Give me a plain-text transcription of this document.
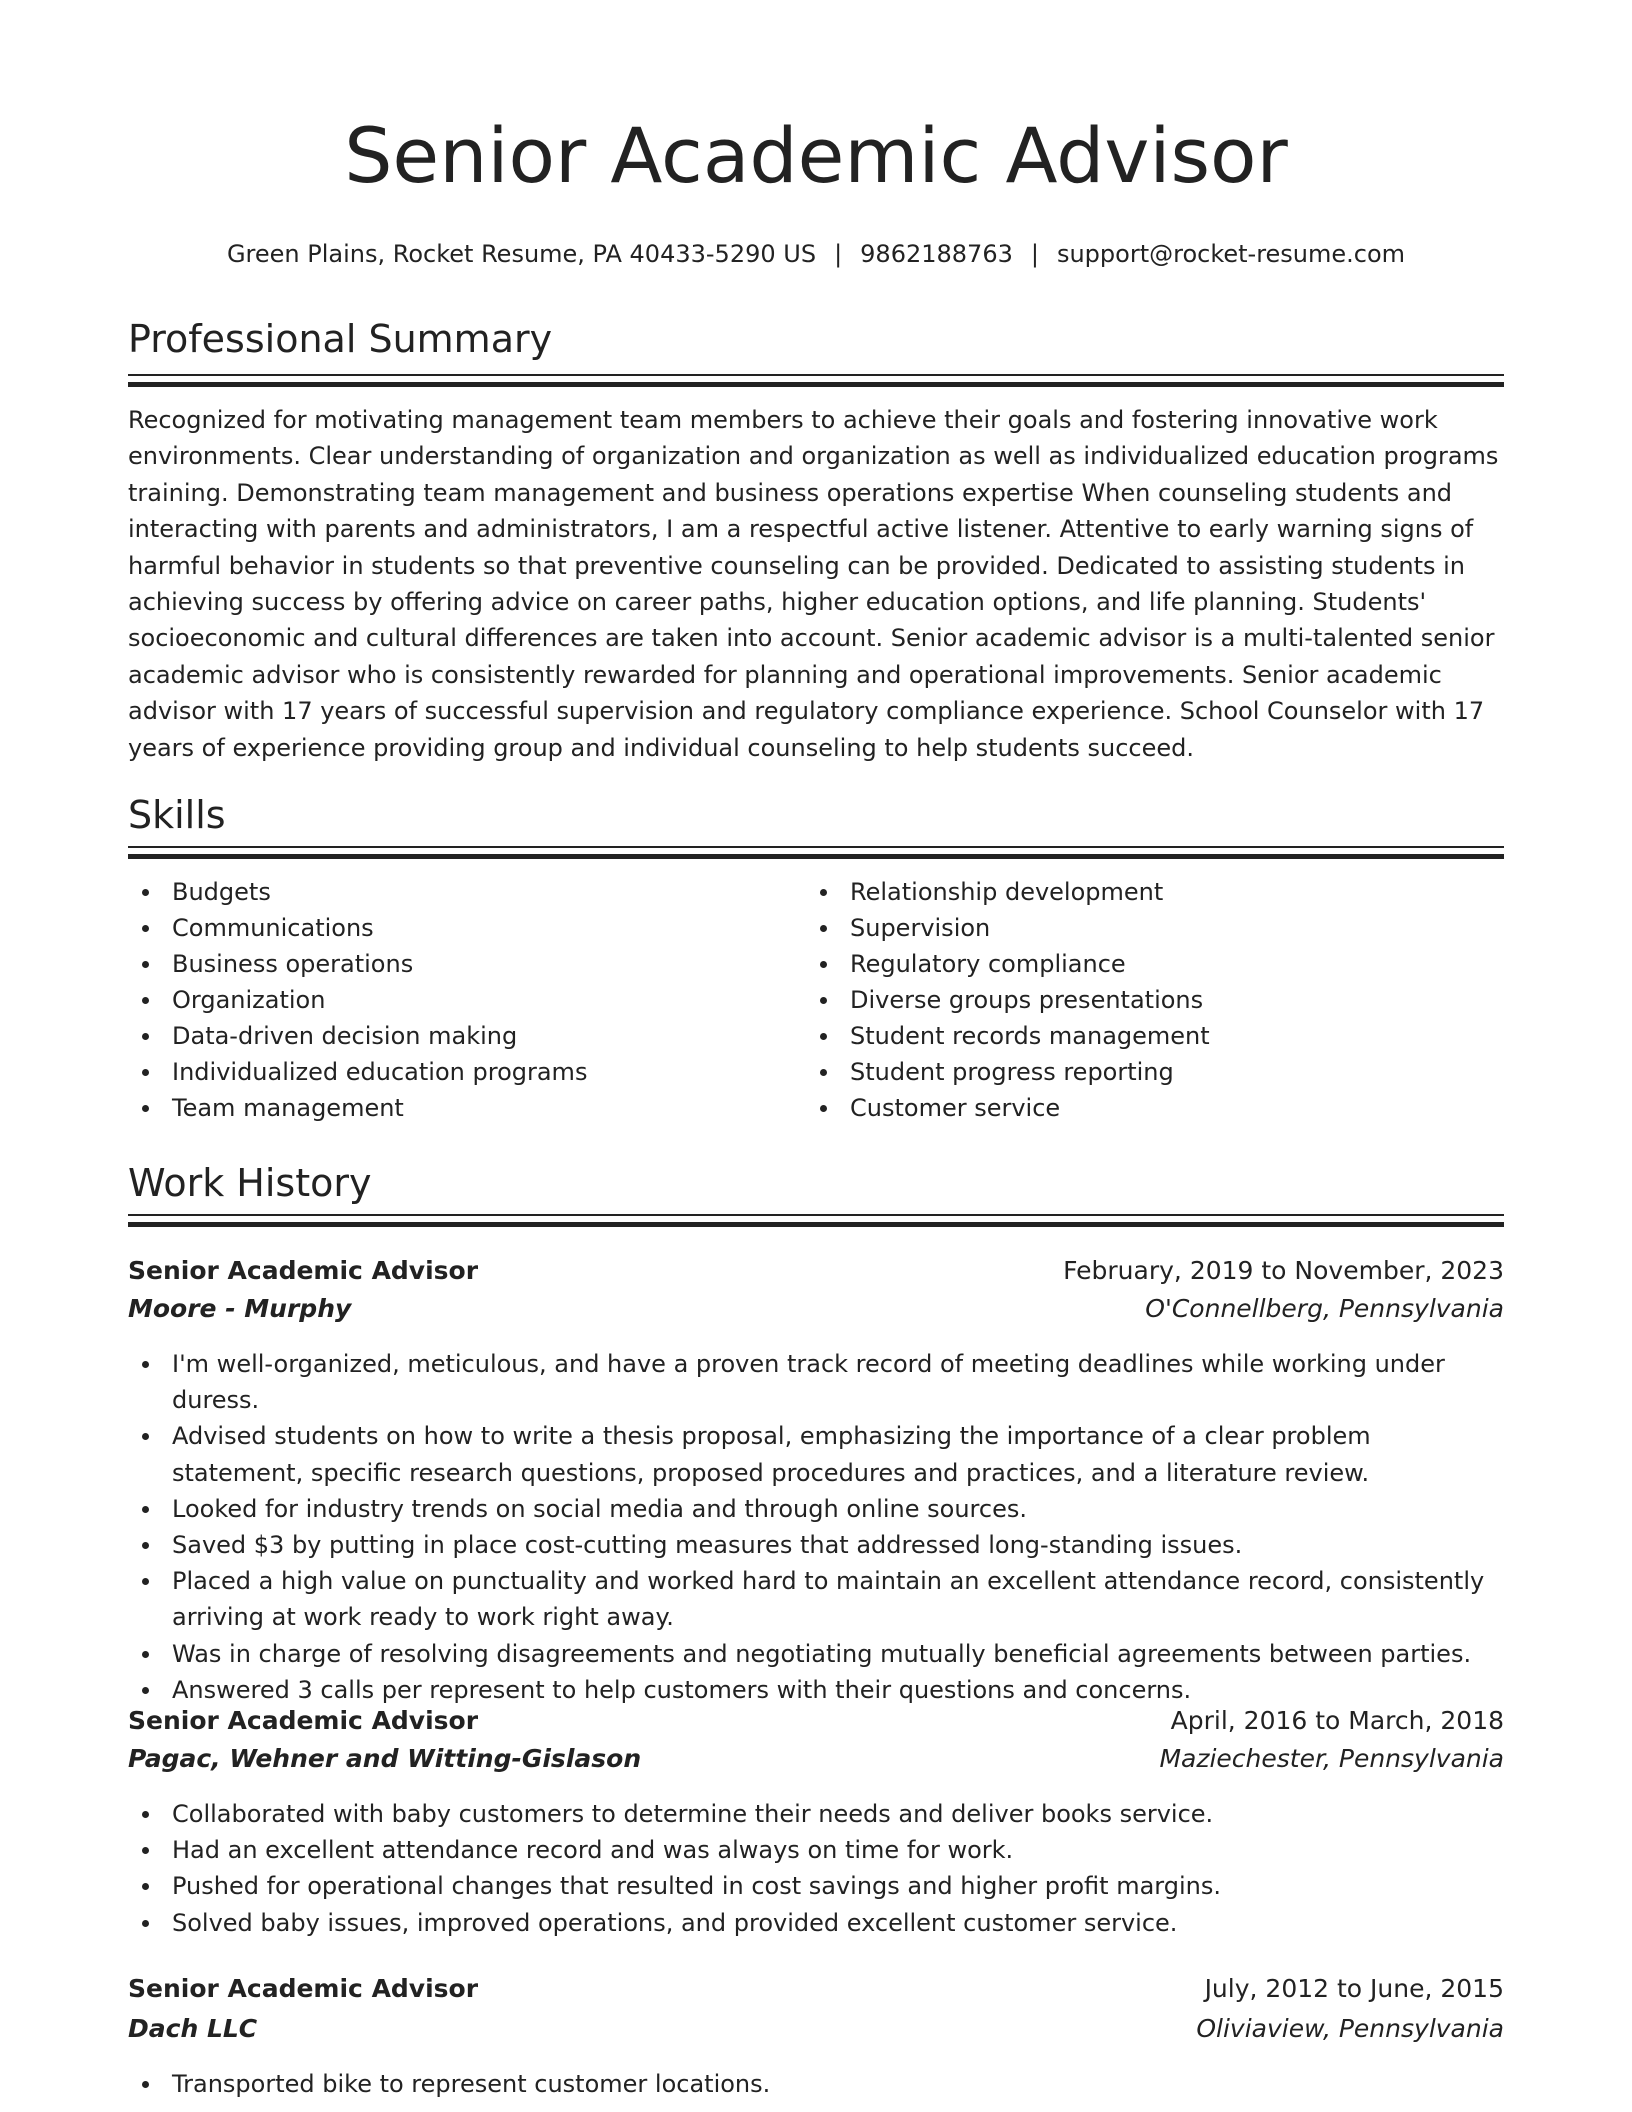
Senior Academic Advisor
Green Plains, Rocket Resume, PA 40433-5290 US | 9862188763 | support@rocket-resume.com
Professional Summary
Recognized for motivating management team members to achieve their goals and fostering innovative work environments. Clear understanding of organization and organization as well as individualized education programs training. Demonstrating team management and business operations expertise When counseling students and interacting with parents and administrators, I am a respectful active listener. Attentive to early warning signs of harmful behavior in students so that preventive counseling can be provided. Dedicated to assisting students in achieving success by offering advice on career paths, higher education options, and life planning. Students' socioeconomic and cultural differences are taken into account. Senior academic advisor is a multi-talented senior academic advisor who is consistently rewarded for planning and operational improvements. Senior academic advisor with 17 years of successful supervision and regulatory compliance experience. School Counselor with 17 years of experience providing group and individual counseling to help students succeed.
Skills
Budgets
Communications
Business operations
Organization
Data-driven decision making
Individualized education programs
Team management
Relationship development
Supervision
Regulatory compliance
Diverse groups presentations
Student records management
Student progress reporting
Customer service
Work History
Senior Academic Advisor	February, 2019 to November, 2023
Moore - Murphy	O'Connellberg, Pennsylvania
I'm well-organized, meticulous, and have a proven track record of meeting deadlines while working under duress.
Advised students on how to write a thesis proposal, emphasizing the importance of a clear problem statement, specific research questions, proposed procedures and practices, and a literature review.
Looked for industry trends on social media and through online sources.
Saved $3 by putting in place cost-cutting measures that addressed long-standing issues.
Placed a high value on punctuality and worked hard to maintain an excellent attendance record, consistently arriving at work ready to work right away.
Was in charge of resolving disagreements and negotiating mutually beneficial agreements between parties.
Answered 3 calls per represent to help customers with their questions and concerns.
Senior Academic Advisor	April, 2016 to March, 2018
Pagac, Wehner and Witting-Gislason	Maziechester, Pennsylvania
Collaborated with baby customers to determine their needs and deliver books service.
Had an excellent attendance record and was always on time for work.
Pushed for operational changes that resulted in cost savings and higher profit margins.
Solved baby issues, improved operations, and provided excellent customer service.
Senior Academic Advisor	July, 2012 to June, 2015
Dach LLC	Oliviaview, Pennsylvania
Transported bike to represent customer locations.
